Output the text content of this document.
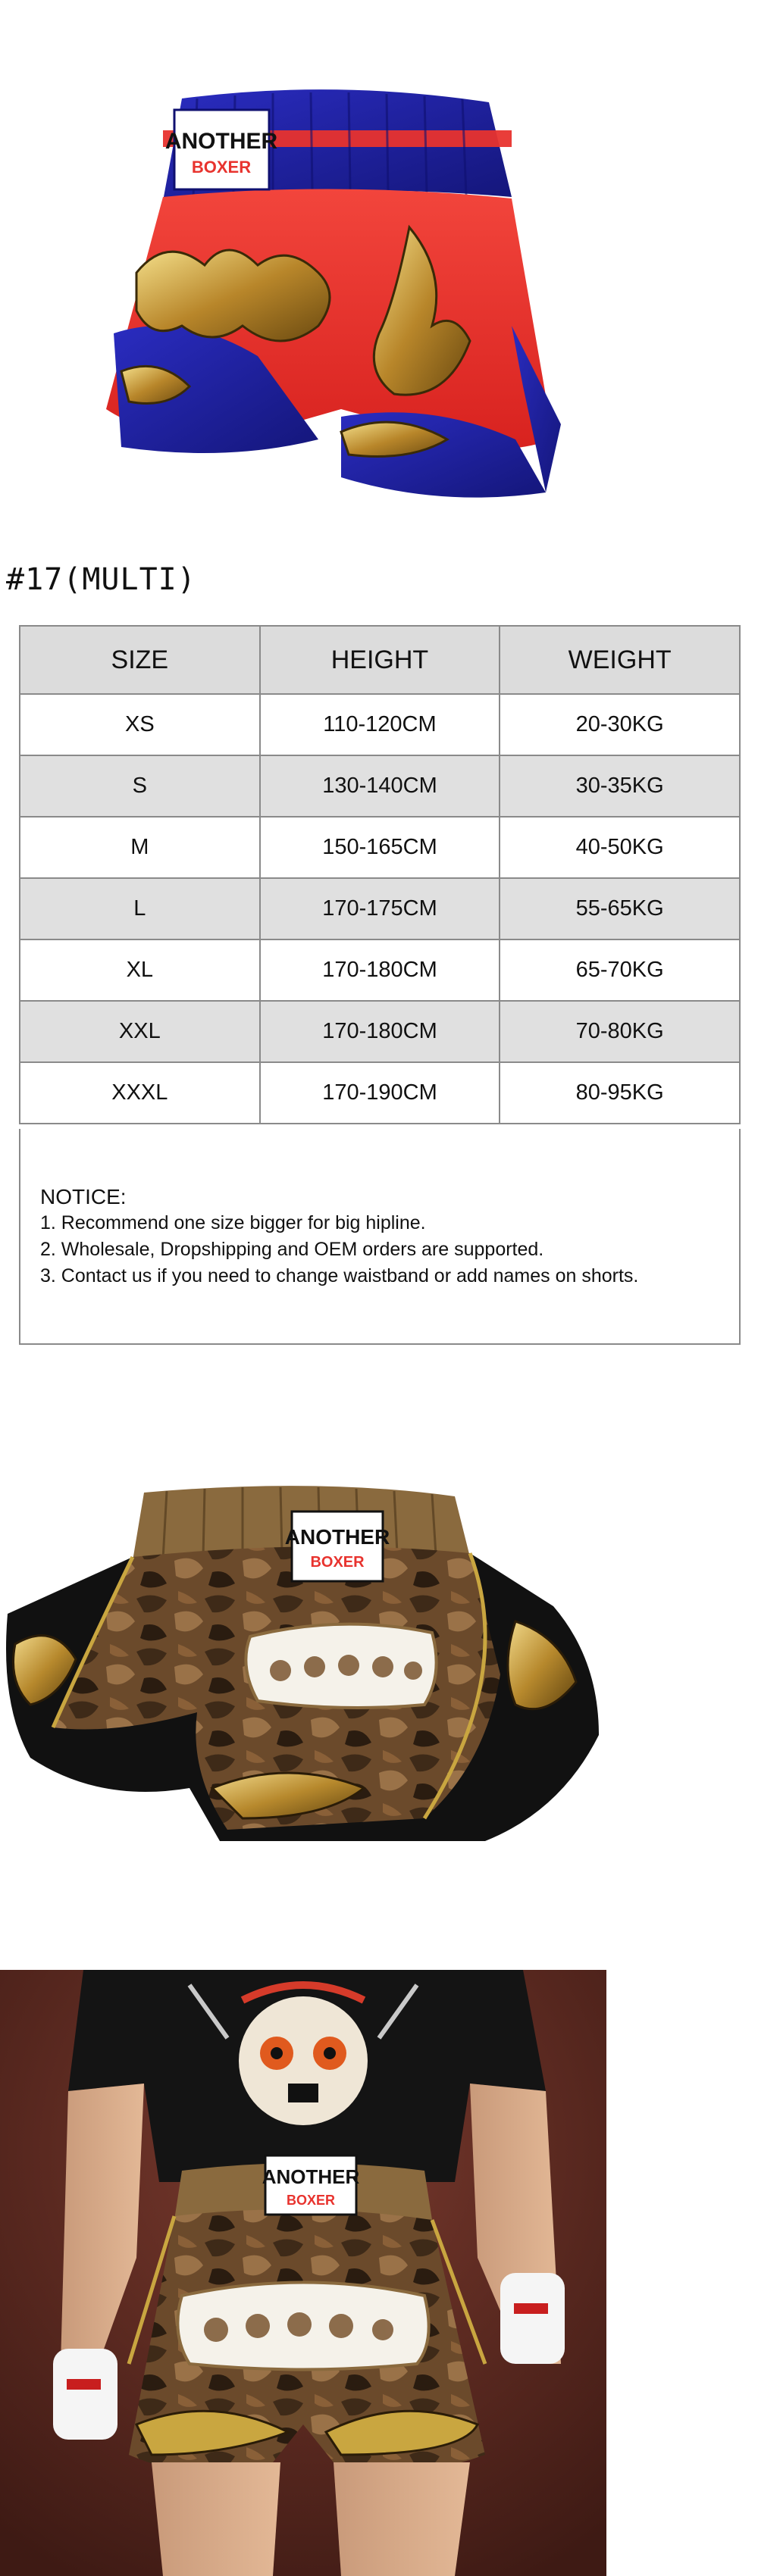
ANOTHER
BOXER
#17(MULTI)
SIZE	HEIGHT	WEIGHT
XS	110-120CM	20-30KG
S	130-140CM	30-35KG
M	150-165CM	40-50KG
L	170-175CM	55-65KG
XL	170-180CM	65-70KG
XXL	170-180CM	70-80KG
XXXL	170-190CM	80-95KG
NOTICE:
1. Recommend one size bigger for big hipline.
2. Wholesale, Dropshipping and OEM orders are supported.
3. Contact us if you need to change waistband or add names on shorts.
ANOTHER
BOXER
ANOTHER
BOXER
